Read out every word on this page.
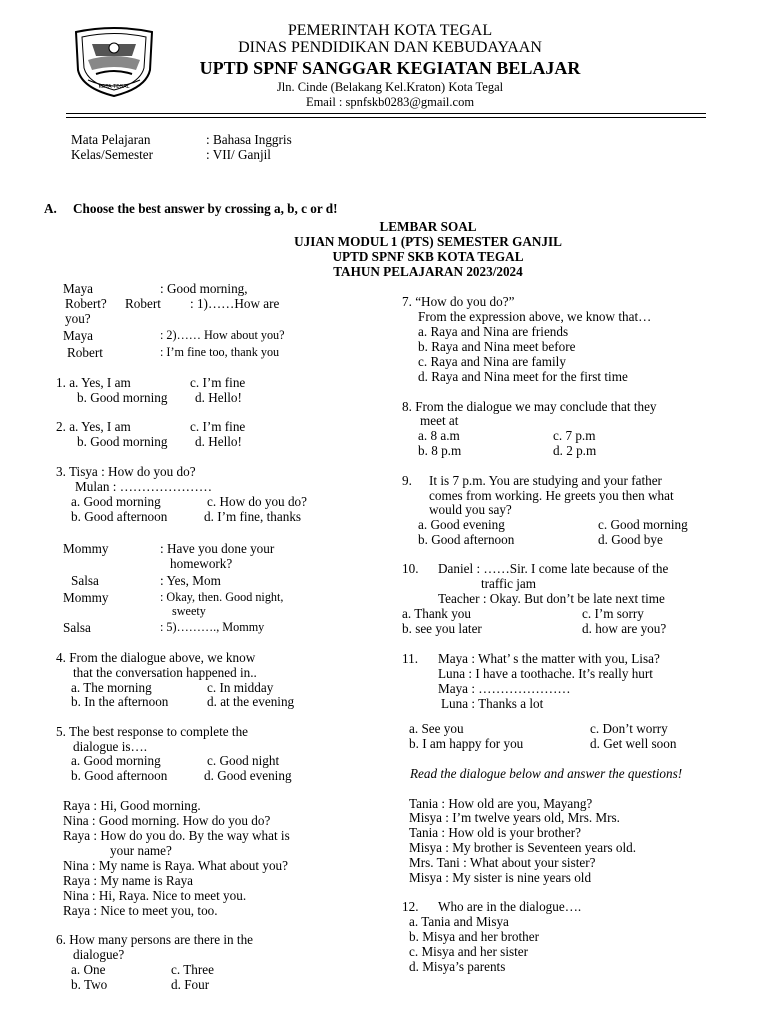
KOTA TEGAL
PEMERINTAH KOTA TEGAL
DINAS PENDIDIKAN DAN KEBUDAYAAN
UPTD SPNF SANGGAR KEGIATAN BELAJAR
Jln. Cinde (Belakang Kel.Kraton) Kota Tegal
Email : spnfskb0283@gmail.com
Mata Pelajaran	: Bahasa Inggris
Kelas/Semester	: VII/ Ganjil
A. Choose the best answer by crossing a, b, c or d!
LEMBAR SOAL
UJIAN MODUL 1 (PTS) SEMESTER GANJIL
UPTD SPNF SKB KOTA TEGAL
TAHUN PELAJARAN 2023/2024
Maya	: Good morning,
Robert? Robert : 1)……How are
you?
Maya	: 2)…… How about you?
Robert	: I’m fine too, thank you
1. a. Yes, I am	c. I’m fine
b. Good morning d. Hello!
2. a. Yes, I am	c. I’m fine
b. Good morning d. Hello!
3. Tisya : How do you do?
Mulan : …………………
a. Good morning	c. How do you do?
b. Good afternoon	d. I’m fine, thanks
Mommy	: Have you done your
homework?
Salsa	: Yes, Mom
Mommy	: Okay, then. Good night,
sweety
Salsa	: 5)………., Mommy
4. From the dialogue above, we know
that the conversation happened in..
a. The morning	c. In midday
b. In the afternoon	d. at the evening
5. The best response to complete the
dialogue is….
a. Good morning	c. Good night
b. Good afternoon	d. Good evening
Raya : Hi, Good morning.
Nina : Good morning. How do you do?
Raya : How do you do. By the way what is
your name?
Nina : My name is Raya. What about you?
Raya : My name is Raya
Nina : Hi, Raya. Nice to meet you.
Raya : Nice to meet you, too.
6. How many persons are there in the
dialogue?
a. One	c. Three
b. Two	d. Four
7. “How do you do?”
From the expression above, we know that…
a. Raya and Nina are friends
b. Raya and Nina meet before
c. Raya and Nina are family
d. Raya and Nina meet for the first time
8. From the dialogue we may conclude that they
meet at
a. 8 a.m	c. 7 p.m
b. 8 p.m	d. 2 p.m
9. It is 7 p.m. You are studying and your father
comes from working. He greets you then what
would you say?
a. Good evening	c. Good morning
b. Good afternoon	d. Good bye
10. Daniel : ……Sir. I come late because of the
traffic jam
Teacher : Okay. But don’t be late next time
a. Thank you	c. I’m sorry
b. see you later	d. how are you?
11. Maya : What’ s the matter with you, Lisa?
Luna : I have a toothache. It’s really hurt
Maya : …………………
Luna : Thanks a lot
a. See you	c. Don’t worry
b. I am happy for you	d. Get well soon
Read the dialogue below and answer the questions!
Tania : How old are you, Mayang?
Misya : I’m twelve years old, Mrs. Mrs.
Tania : How old is your brother?
Misya : My brother is Seventeen years old.
Mrs. Tani : What about your sister?
Misya : My sister is nine years old
12. Who are in the dialogue….
a. Tania and Misya
b. Misya and her brother
c. Misya and her sister
d. Misya’s parents
